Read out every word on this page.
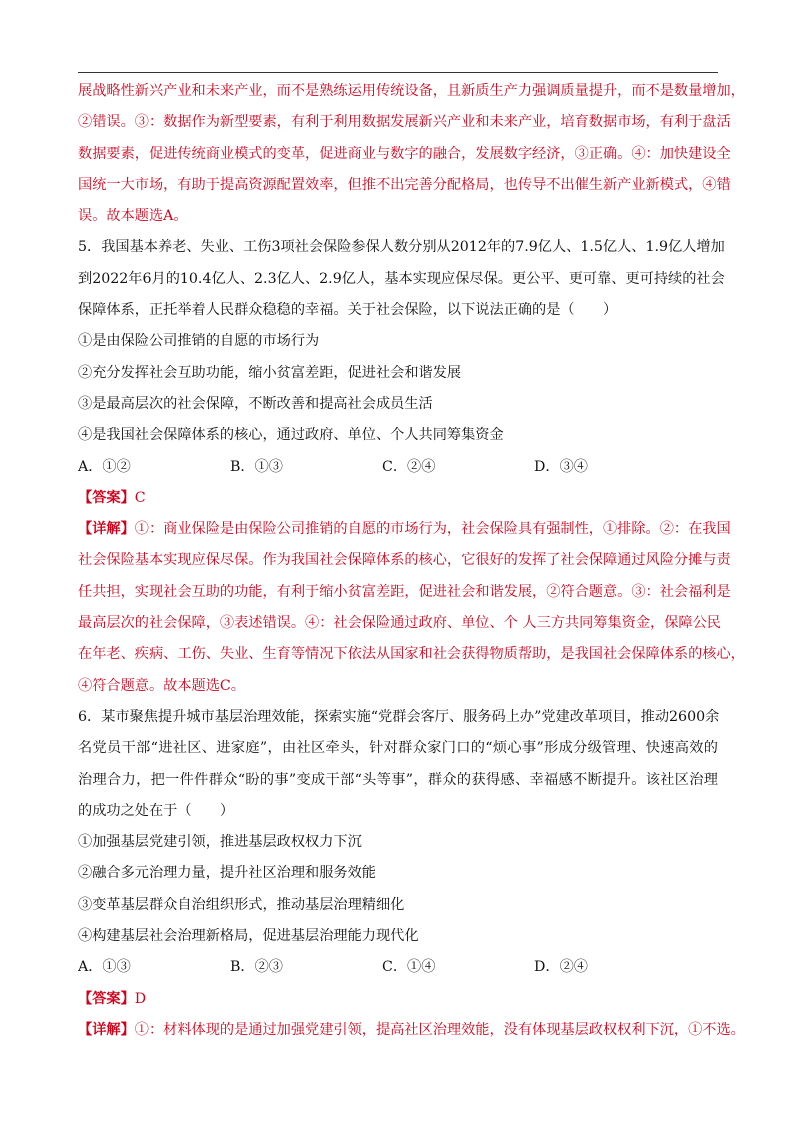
展战略性新兴产业和未来产业，而不是熟练运用传统设备，且新质生产力强调质量提升，而不是数量增加，
②错误。③：数据作为新型要素，有利于利用数据发展新兴产业和未来产业，培育数据市场，有利于盘活
数据要素，促进传统商业模式的变革，促进商业与数字的融合，发展数字经济，③正确。④：加快建设全
国统一大市场，有助于提高资源配置效率，但推不出完善分配格局，也传导不出催生新产业新模式，④错
误。故本题选A。
5．我国基本养老、失业、工伤3项社会保险参保人数分别从2012年的7.9亿人、1.5亿人、1.9亿人增加
到2022年6月的10.4亿人、2.3亿人、2.9亿人，基本实现应保尽保。更公平、更可靠、更可持续的社会
保障体系，正托举着人民群众稳稳的幸福。关于社会保险，以下说法正确的是（　　）
①是由保险公司推销的自愿的市场行为
②充分发挥社会互助功能，缩小贫富差距，促进社会和谐发展
③是最高层次的社会保障，不断改善和提高社会成员生活
④是我国社会保障体系的核心，通过政府、单位、个人共同筹集资金
A．①②	B．①③	C．②④	D．③④
【答案】C
【详解】①：商业保险是由保险公司推销的自愿的市场行为，社会保险具有强制性，①排除。②：在我国
社会保险基本实现应保尽保。作为我国社会保障体系的核心，它很好的发挥了社会保障通过风险分摊与责
任共担，实现社会互助的功能，有利于缩小贫富差距，促进社会和谐发展，②符合题意。③：社会福利是
最高层次的社会保障，③表述错误。④：社会保险通过政府、单位、个 人三方共同筹集资金，保障公民
在年老、疾病、工伤、失业、生育等情况下依法从国家和社会获得物质帮助，是我国社会保障体系的核心，
④符合题意。故本题选C。
6．某市聚焦提升城市基层治理效能，探索实施“党群会客厅、服务码上办”党建改革项目，推动2600余
名党员干部“进社区、进家庭”，由社区牵头，针对群众家门口的“烦心事”形成分级管理、快速高效的
治理合力，把一件件群众“盼的事”变成干部“头等事”，群众的获得感、幸福感不断提升。该社区治理
的成功之处在于（　　）
①加强基层党建引领，推进基层政权权力下沉
②融合多元治理力量，提升社区治理和服务效能
③变革基层群众自治组织形式，推动基层治理精细化
④构建基层社会治理新格局，促进基层治理能力现代化
A．①③	B．②③	C．①④	D．②④
【答案】D
【详解】①：材料体现的是通过加强党建引领，提高社区治理效能，没有体现基层政权权利下沉，①不选。
